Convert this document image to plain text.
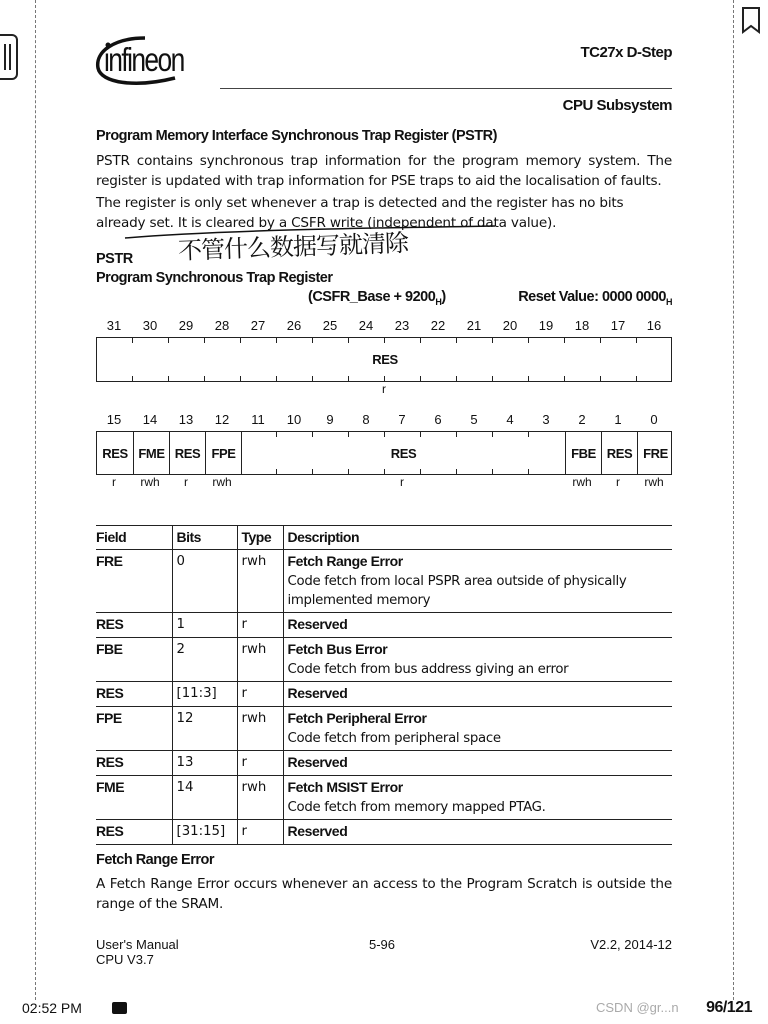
infineon	TC27x D-Step
CPU Subsystem
Program Memory Interface Synchronous Trap Register (PSTR)
PSTR contains synchronous trap information for the program memory system. The register is updated with trap information for PSE traps to aid the localisation of faults.
The register is only set whenever a trap is detected and the register has no bits already set. It is cleared by a CSFR write (independent of data value).
不管什么数据写就清除
PSTR
Program Synchronous Trap Register
(CSFR_Base + $9200_H$)	Reset Value: 0000 $0000_H$
31	30	29	28	27	26	25	24	23	22	21	20	19	18	17	16
RES
r
15	14	13	12	11	10	9	8	7	6	5	4	3	2	1	0
RES FME RES FPE	RES	FBE RES FRE
r	rwh	r	rwh	r	rwh	r	rwh
Field	Bits	Type	Description
FRE	0	rwh	Fetch Range Error
Code fetch from local PSPR area outside of physically implemented memory
RES	1	r	Reserved
FBE	2	rwh	Fetch Bus Error
Code fetch from bus address giving an error
RES	[11:3]	r	Reserved
FPE	12	rwh	Fetch Peripheral Error
Code fetch from peripheral space
RES	13	r	Reserved
FME	14	rwh	Fetch MSIST Error
Code fetch from memory mapped PTAG.
RES	[31:15]	r	Reserved
Fetch Range Error
A Fetch Range Error occurs whenever an access to the Program Scratch is outside the range of the SRAM.
User's Manual
CPU V3.7
5-96	V2.2, 2014-12
02:52 PM	CSDN @gr...n 96/121
